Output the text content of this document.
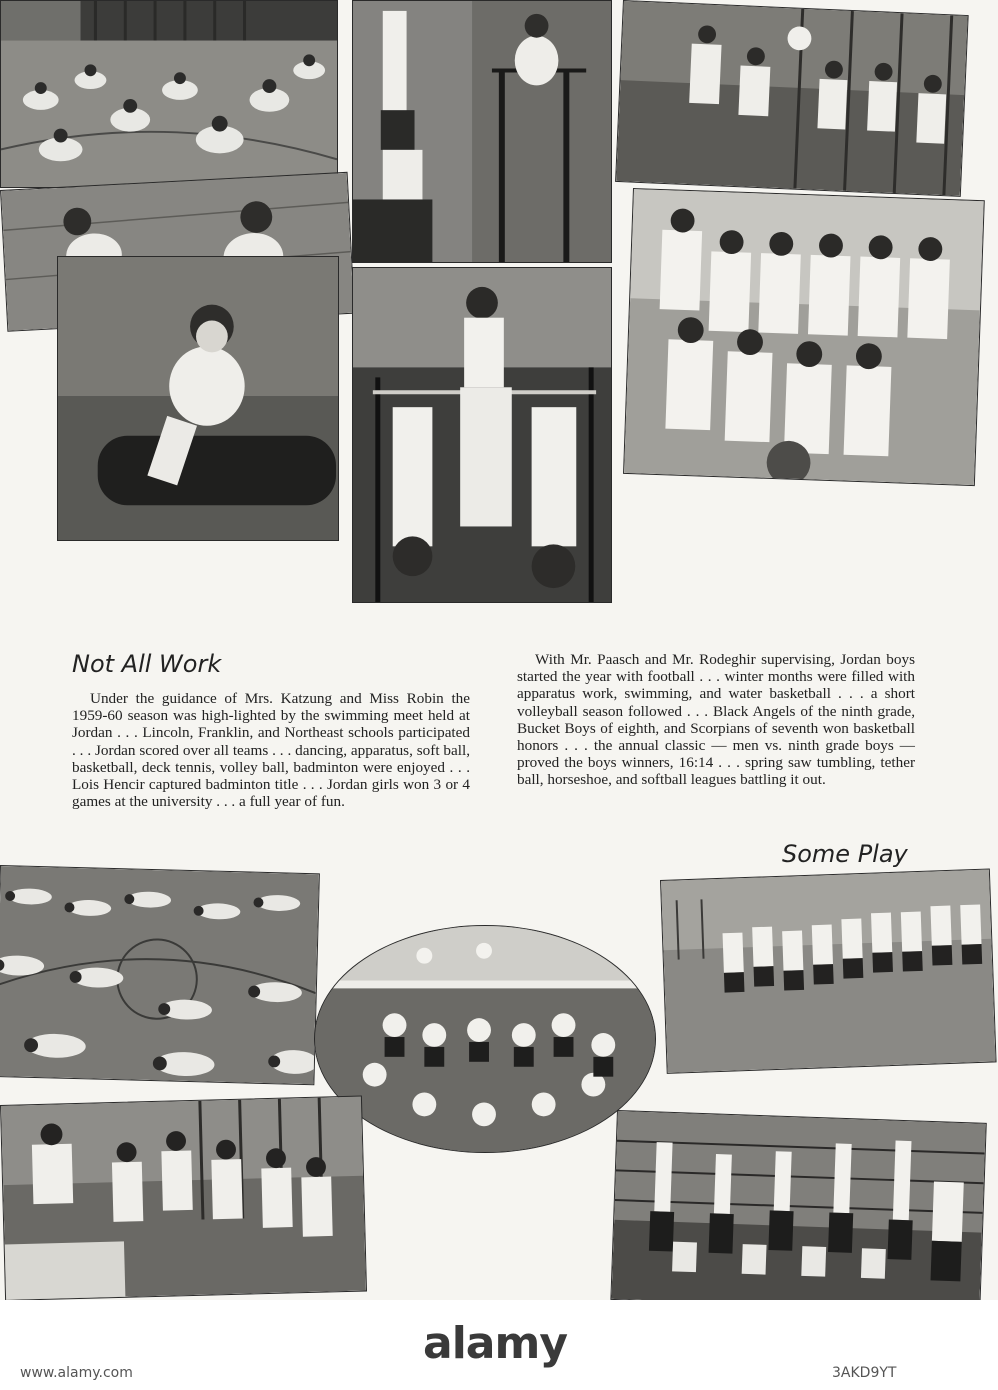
Not All Work

Under the guidance of Mrs. Katzung and Miss Robin the 1959-60 season was high-lighted by the swimming meet held at Jordan . . . Lincoln, Franklin, and Northeast schools participated . . . Jordan scored over all teams . . . dancing, apparatus, soft ball, basketball, deck tennis, volley ball, badminton were enjoyed . . . Lois Hencir captured badminton title . . . Jordan girls won 3 or 4 games at the university . . . a full year of fun.

With Mr. Paasch and Mr. Rodeghir supervising, Jordan boys started the year with football . . . winter months were filled with apparatus work, swimming, and water basketball . . . a short volleyball season followed . . . Black Angels of the ninth grade, Bucket Boys of eighth, and Scorpians of seventh won basketball honors . . . the annual classic — men vs. ninth grade boys — proved the boys winners, 16:14 . . . spring saw tumbling, tether ball, horseshoe, and softball leagues battling it out.

Some Play
alamy
www.alamy.com	3AKD9YT
